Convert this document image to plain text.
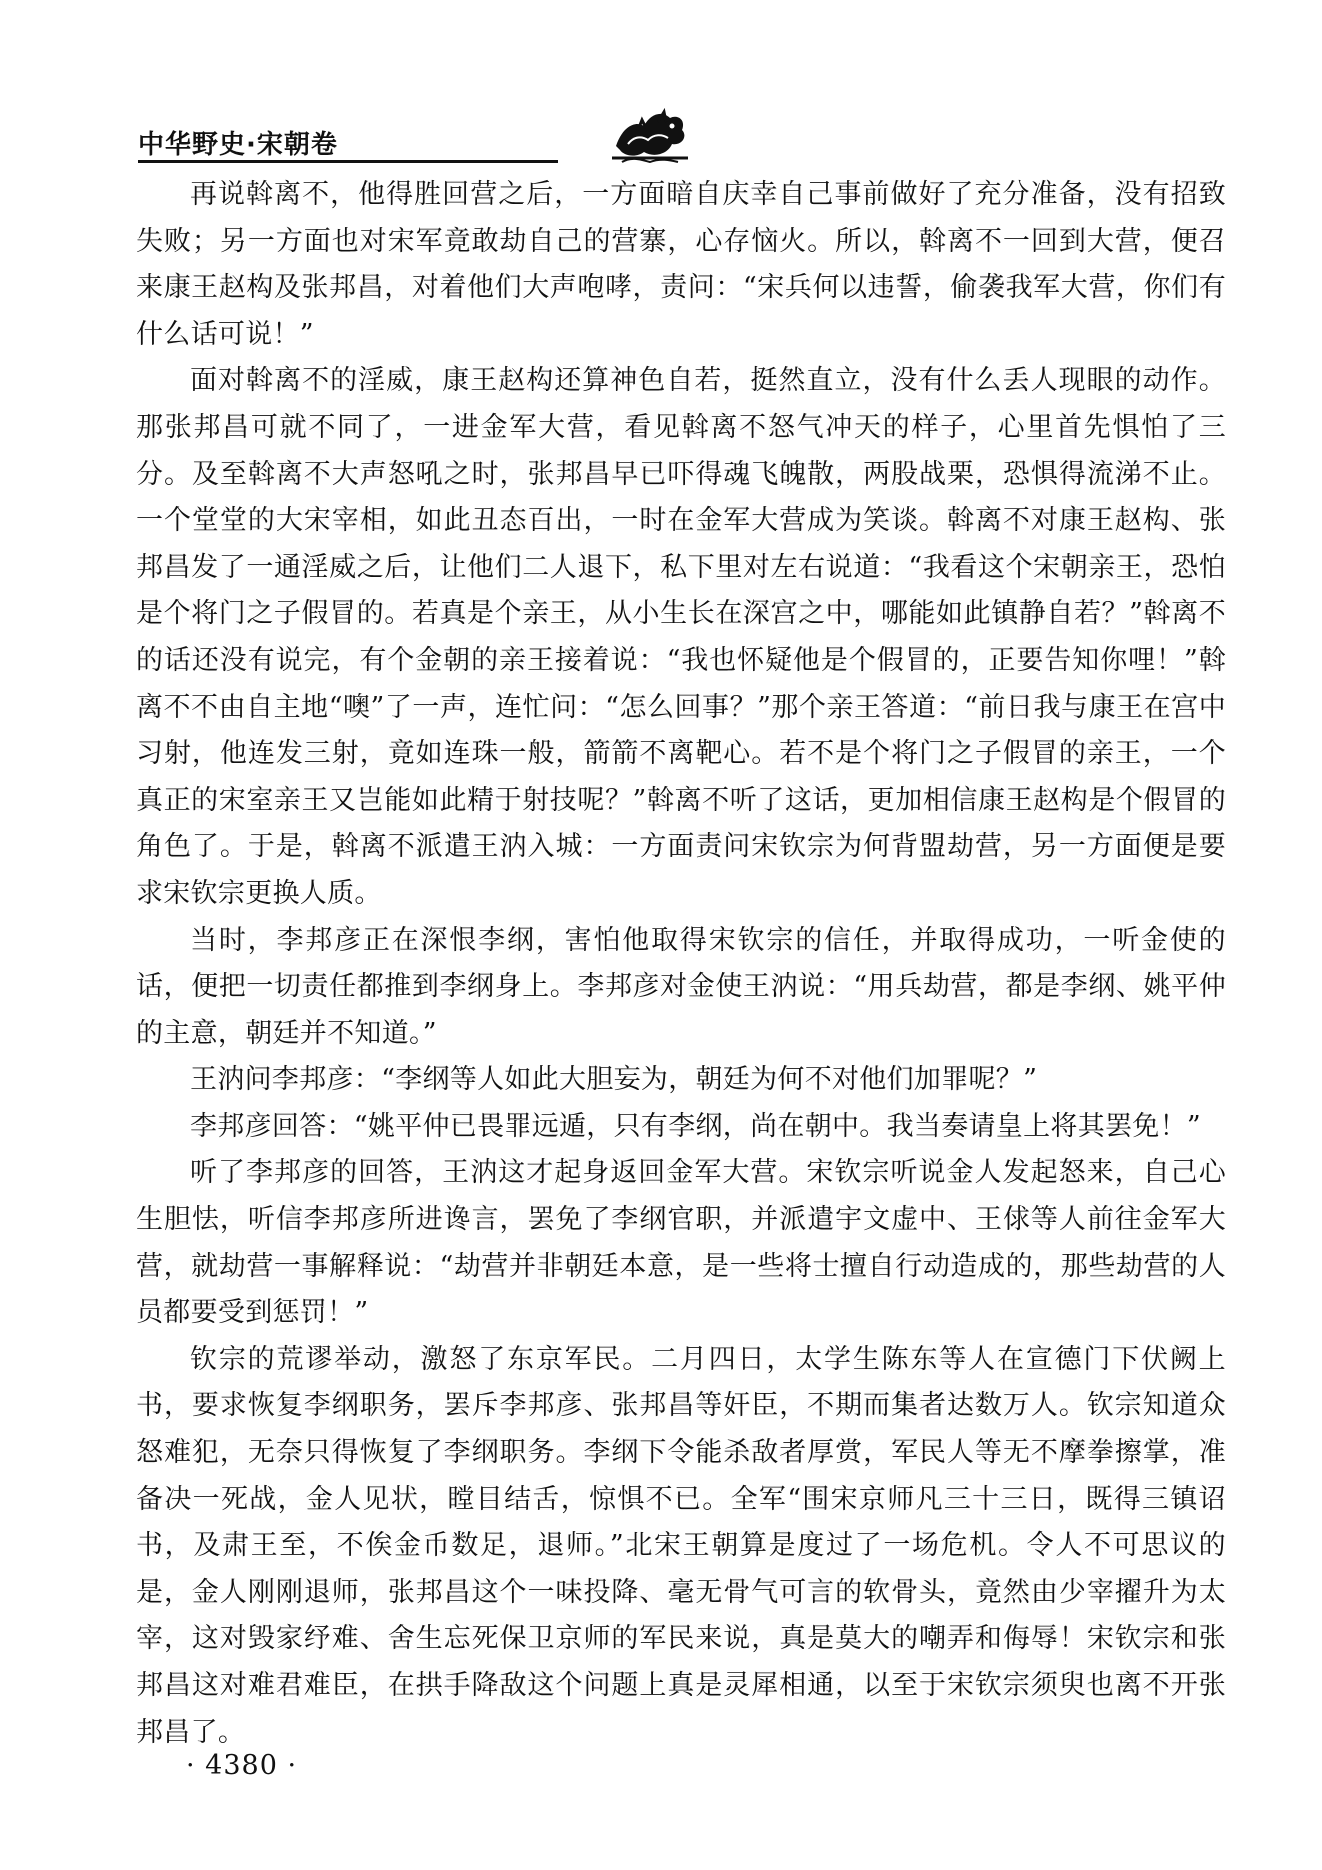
中华野史·宋朝卷

再说斡离不，他得胜回营之后，一方面暗自庆幸自己事前做好了充分准备，没有招致失败；另一方面也对宋军竟敢劫自己的营寨，心存恼火。所以，斡离不一回到大营，便召来康王赵构及张邦昌，对着他们大声咆哮，责问：“宋兵何以违誓，偷袭我军大营，你们有什么话可说！”

面对斡离不的淫威，康王赵构还算神色自若，挺然直立，没有什么丢人现眼的动作。那张邦昌可就不同了，一进金军大营，看见斡离不怒气冲天的样子，心里首先惧怕了三分。及至斡离不大声怒吼之时，张邦昌早已吓得魂飞魄散，两股战栗，恐惧得流涕不止。一个堂堂的大宋宰相，如此丑态百出，一时在金军大营成为笑谈。斡离不对康王赵构、张邦昌发了一通淫威之后，让他们二人退下，私下里对左右说道：“我看这个宋朝亲王，恐怕是个将门之子假冒的。若真是个亲王，从小生长在深宫之中，哪能如此镇静自若？”斡离不的话还没有说完，有个金朝的亲王接着说：“我也怀疑他是个假冒的，正要告知你哩！”斡离不不由自主地“噢”了一声，连忙问：“怎么回事？”那个亲王答道：“前日我与康王在宫中习射，他连发三射，竟如连珠一般，箭箭不离靶心。若不是个将门之子假冒的亲王，一个真正的宋室亲王又岂能如此精于射技呢？”斡离不听了这话，更加相信康王赵构是个假冒的角色了。于是，斡离不派遣王汭入城：一方面责问宋钦宗为何背盟劫营，另一方面便是要求宋钦宗更换人质。

当时，李邦彦正在深恨李纲，害怕他取得宋钦宗的信任，并取得成功，一听金使的话，便把一切责任都推到李纲身上。李邦彦对金使王汭说：“用兵劫营，都是李纲、姚平仲的主意，朝廷并不知道。”

王汭问李邦彦：“李纲等人如此大胆妄为，朝廷为何不对他们加罪呢？”

李邦彦回答：“姚平仲已畏罪远遁，只有李纲，尚在朝中。我当奏请皇上将其罢免！”

听了李邦彦的回答，王汭这才起身返回金军大营。宋钦宗听说金人发起怒来，自己心生胆怯，听信李邦彦所进谗言，罢免了李纲官职，并派遣宇文虚中、王俅等人前往金军大营，就劫营一事解释说：“劫营并非朝廷本意，是一些将士擅自行动造成的，那些劫营的人员都要受到惩罚！”

钦宗的荒谬举动，激怒了东京军民。二月四日，太学生陈东等人在宣德门下伏阙上书，要求恢复李纲职务，罢斥李邦彦、张邦昌等奸臣，不期而集者达数万人。钦宗知道众怒难犯，无奈只得恢复了李纲职务。李纲下令能杀敌者厚赏，军民人等无不摩拳擦掌，准备决一死战，金人见状，瞠目结舌，惊惧不已。全军“围宋京师凡三十三日，既得三镇诏书，及肃王至，不俟金币数足，退师。”北宋王朝算是度过了一场危机。令人不可思议的是，金人刚刚退师，张邦昌这个一味投降、毫无骨气可言的软骨头，竟然由少宰擢升为太宰，这对毁家纾难、舍生忘死保卫京师的军民来说，真是莫大的嘲弄和侮辱！宋钦宗和张邦昌这对难君难臣，在拱手降敌这个问题上真是灵犀相通，以至于宋钦宗须臾也离不开张邦昌了。

· 4380 ·
